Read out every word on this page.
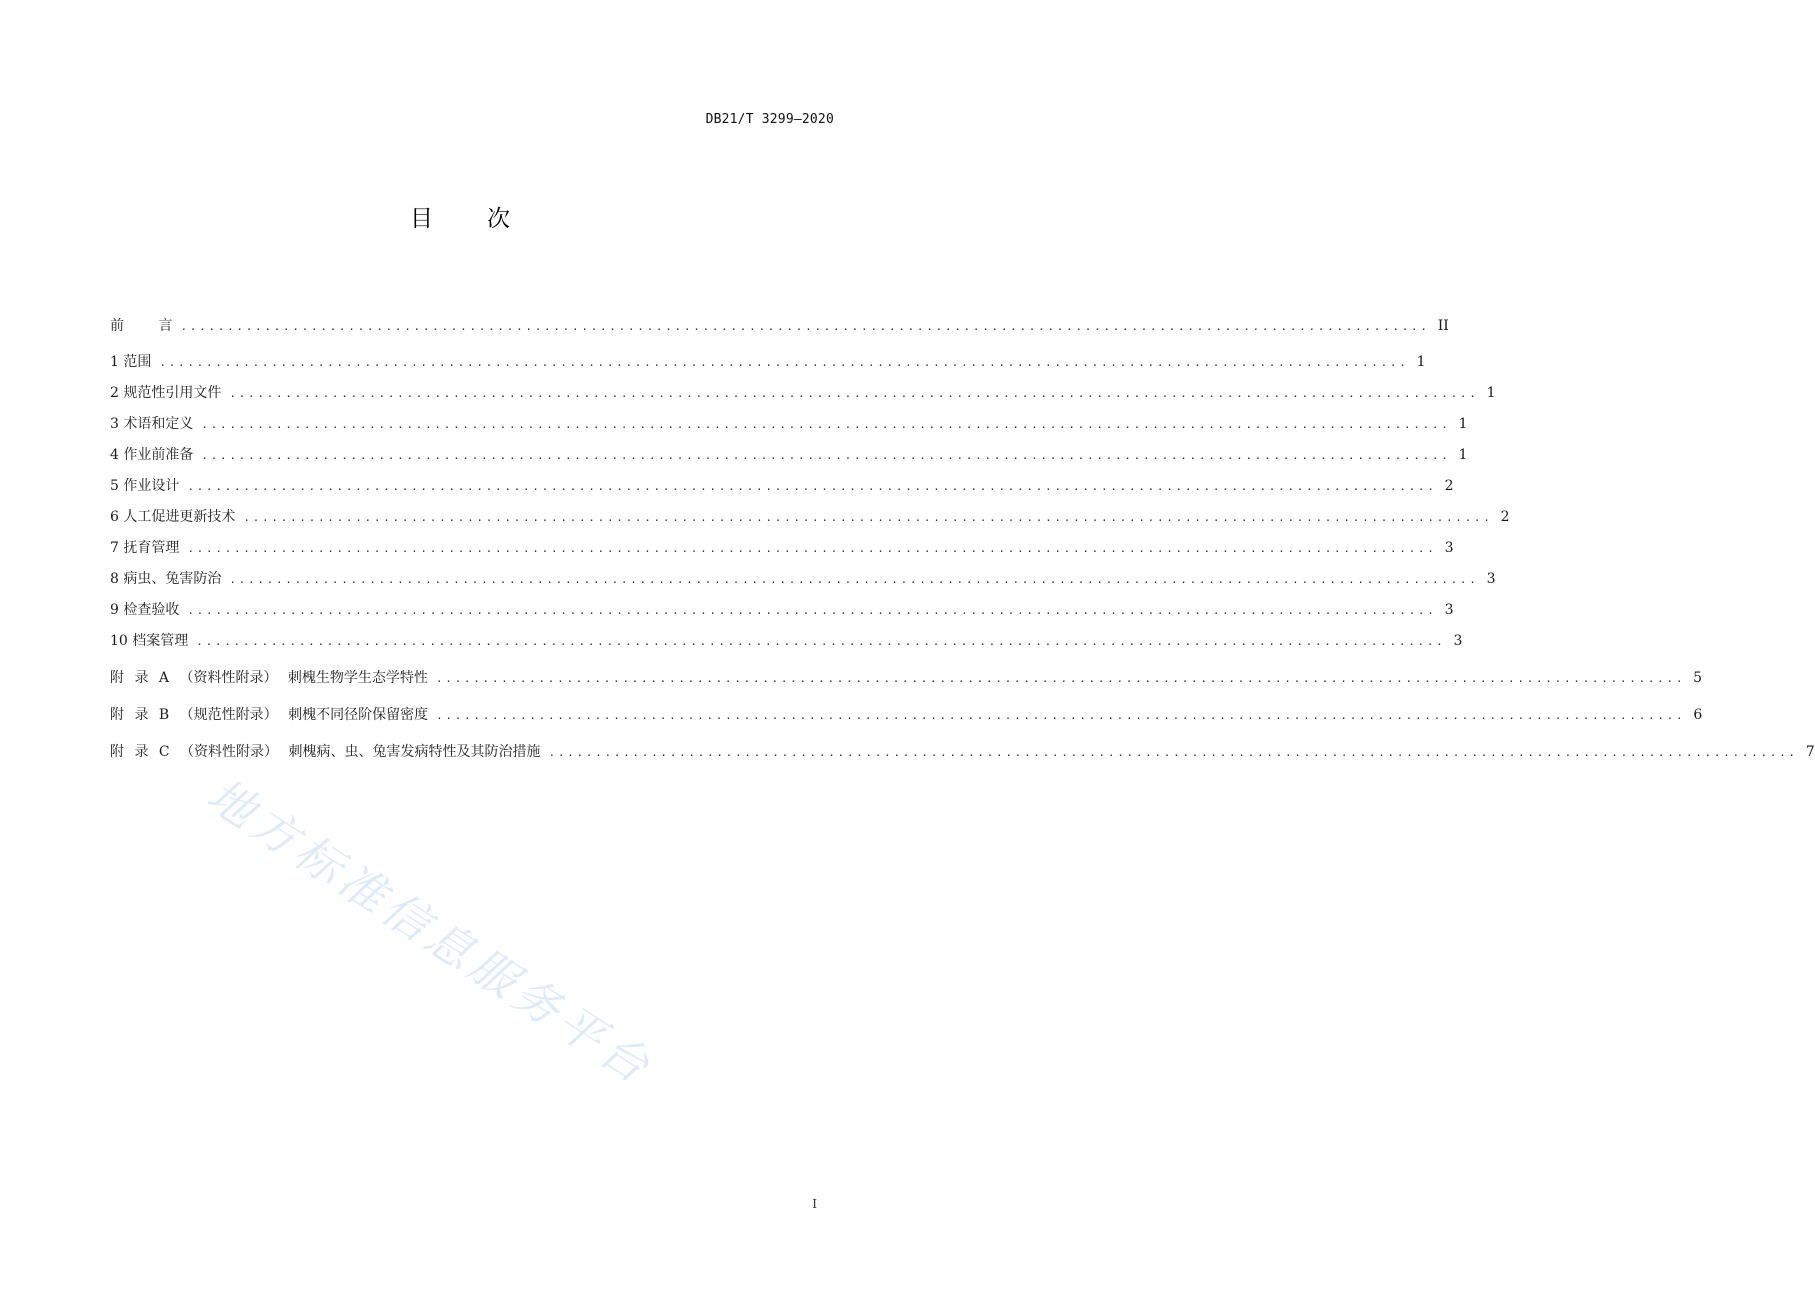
DB21/T 3299—2020
目 次
前 言 ...................................................................................................................................... II
1 范围 ...................................................................................................................................... 1
2 规范性引用文件 ...................................................................................................................................... 1
3 术语和定义 ...................................................................................................................................... 1
4 作业前准备 ...................................................................................................................................... 1
5 作业设计 ...................................................................................................................................... 2
6 人工促进更新技术 ...................................................................................................................................... 2
7 抚育管理 ...................................................................................................................................... 3
8 病虫、兔害防治 ...................................................................................................................................... 3
9 检查验收 ...................................................................................................................................... 3
10 档案管理 ...................................................................................................................................... 3
附 录 A （资料性附录） 刺槐生物学生态学特性 ...................................................................................................................................... 5
附 录 B （规范性附录） 刺槐不同径阶保留密度 ...................................................................................................................................... 6
附 录 C （资料性附录） 刺槐病、虫、兔害发病特性及其防治措施 ...................................................................................................................................... 7
地方标准信息服务平台
I
